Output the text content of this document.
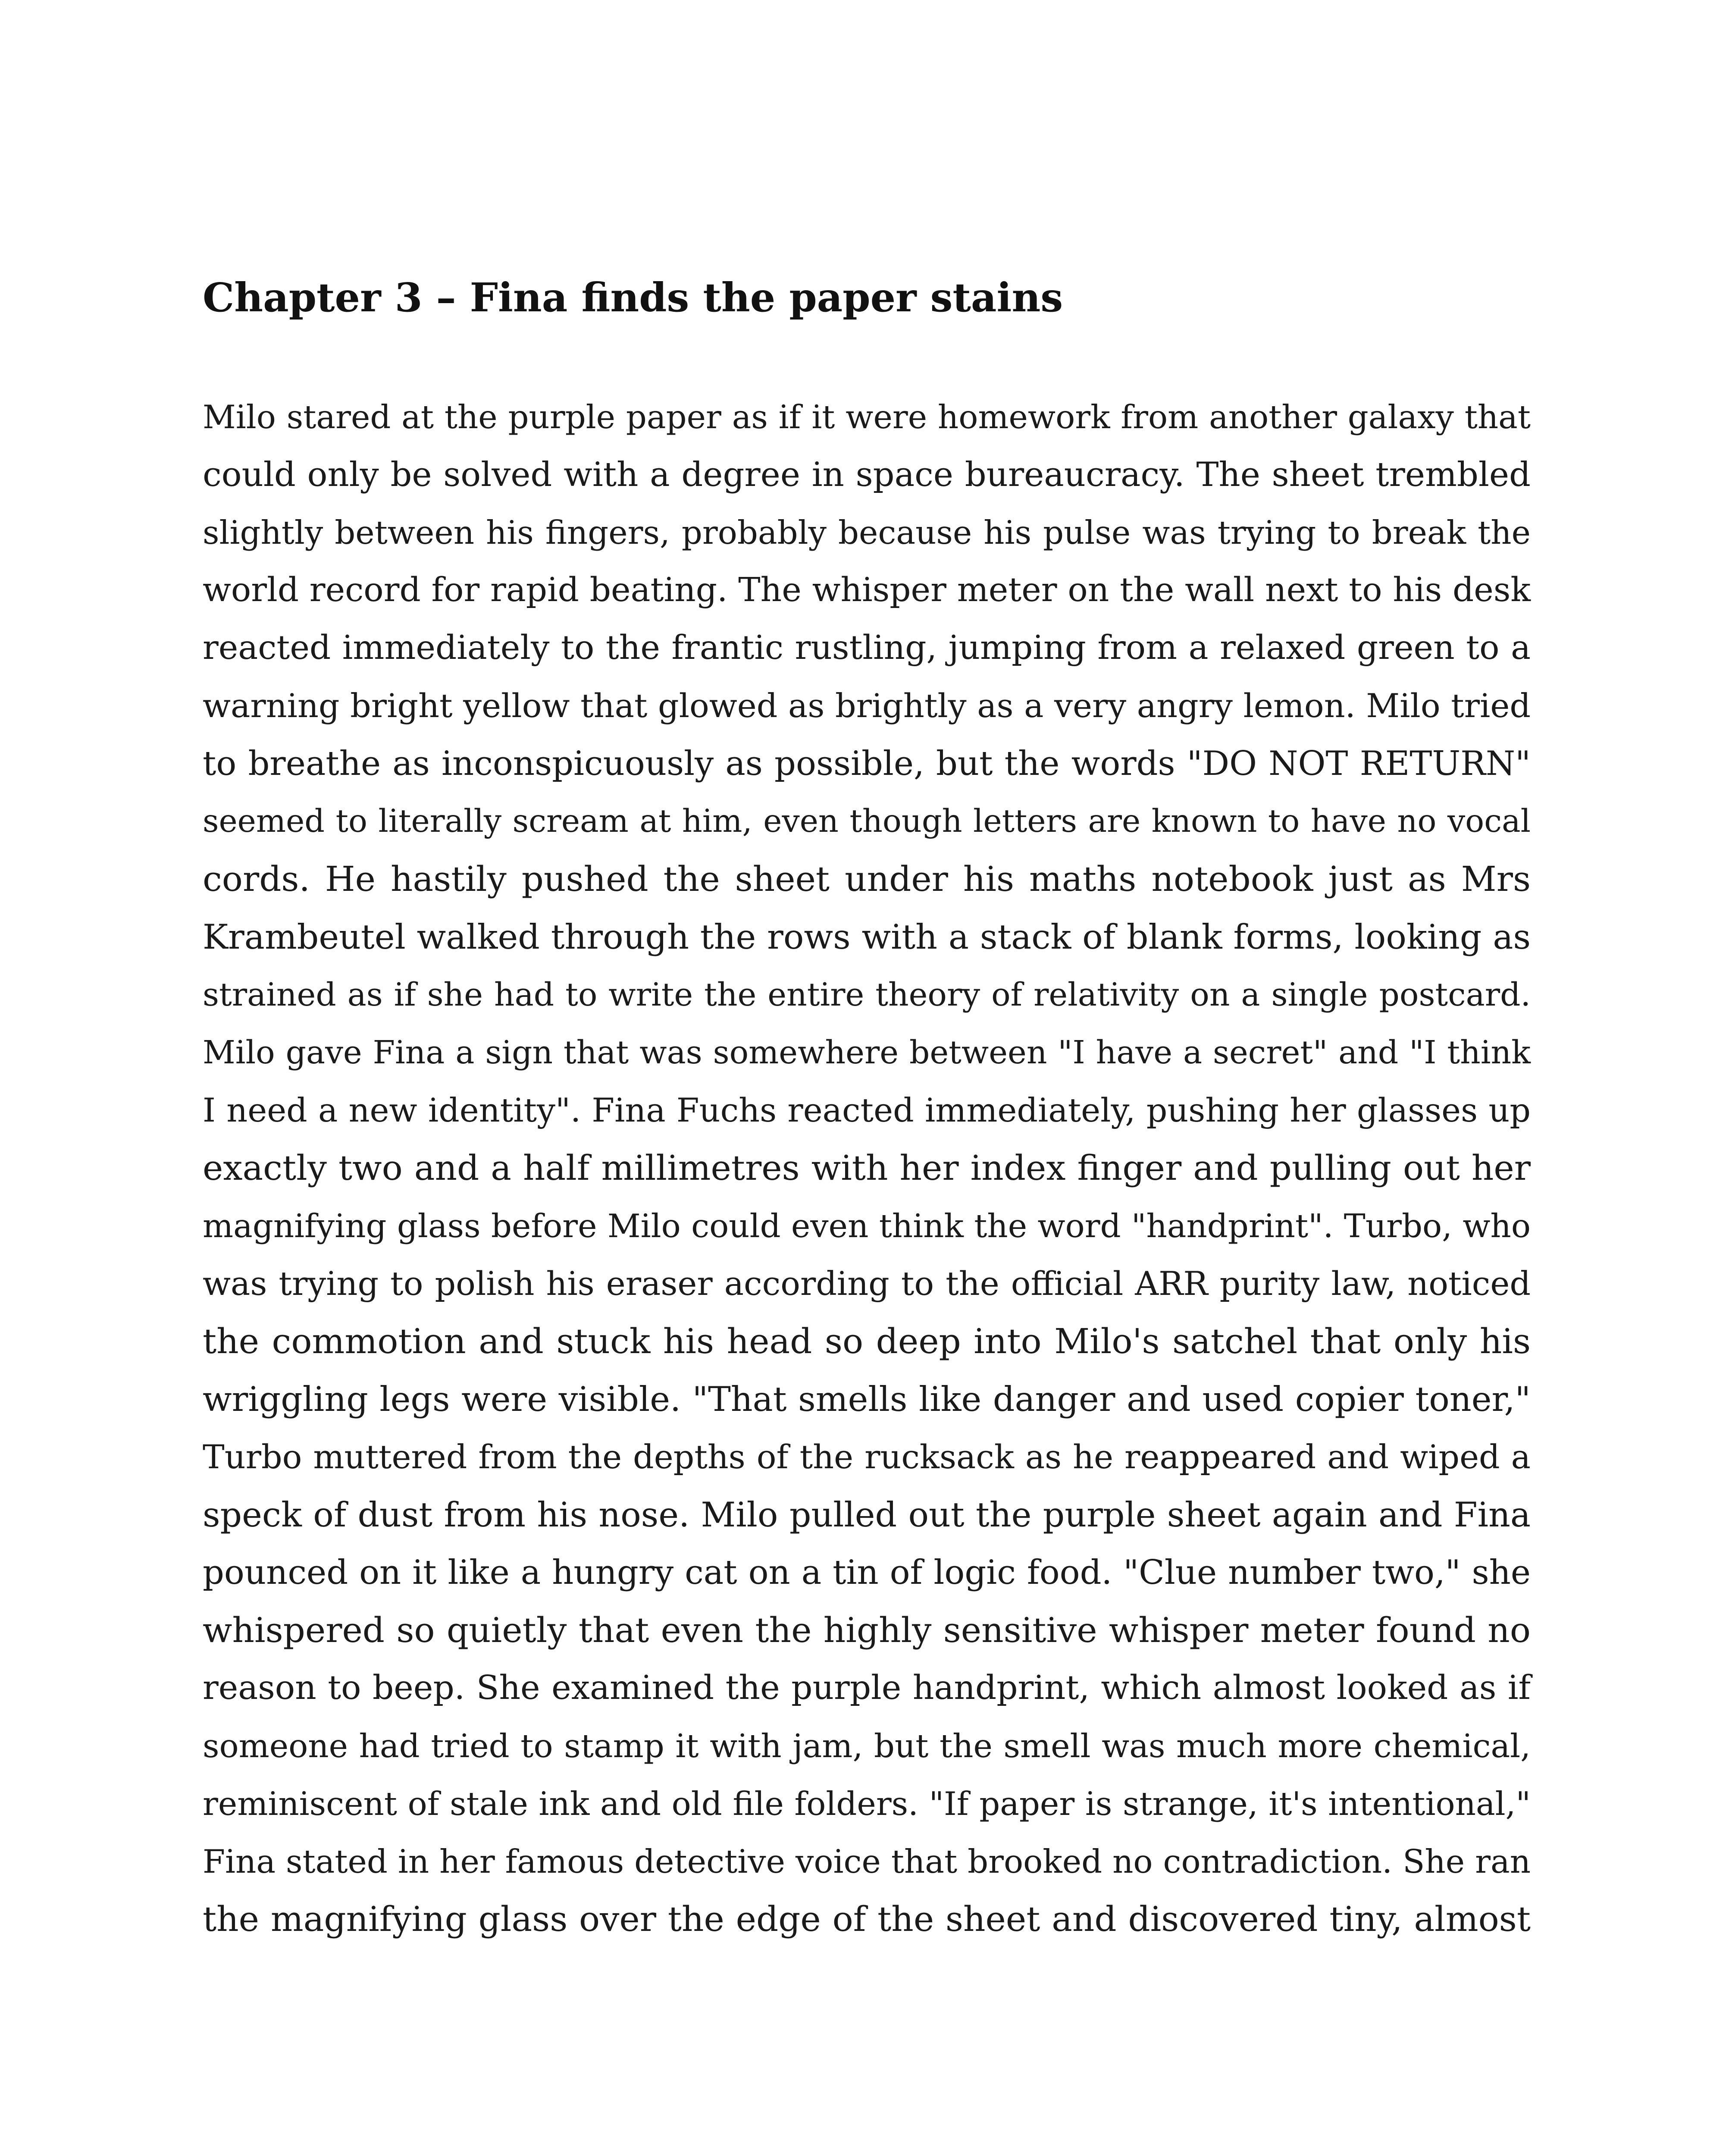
Chapter 3 – Fina finds the paper stains
Milo stared at the purple paper as if it were homework from another galaxy that
could only be solved with a degree in space bureaucracy. The sheet trembled
slightly between his fingers, probably because his pulse was trying to break the
world record for rapid beating. The whisper meter on the wall next to his desk
reacted immediately to the frantic rustling, jumping from a relaxed green to a
warning bright yellow that glowed as brightly as a very angry lemon. Milo tried
to breathe as inconspicuously as possible, but the words "DO NOT RETURN"
seemed to literally scream at him, even though letters are known to have no vocal
cords. He hastily pushed the sheet under his maths notebook just as Mrs
Krambeutel walked through the rows with a stack of blank forms, looking as
strained as if she had to write the entire theory of relativity on a single postcard.
Milo gave Fina a sign that was somewhere between "I have a secret" and "I think
I need a new identity". Fina Fuchs reacted immediately, pushing her glasses up
exactly two and a half millimetres with her index finger and pulling out her
magnifying glass before Milo could even think the word "handprint". Turbo, who
was trying to polish his eraser according to the official ARR purity law, noticed
the commotion and stuck his head so deep into Milo's satchel that only his
wriggling legs were visible. "That smells like danger and used copier toner,"
Turbo muttered from the depths of the rucksack as he reappeared and wiped a
speck of dust from his nose. Milo pulled out the purple sheet again and Fina
pounced on it like a hungry cat on a tin of logic food. "Clue number two," she
whispered so quietly that even the highly sensitive whisper meter found no
reason to beep. She examined the purple handprint, which almost looked as if
someone had tried to stamp it with jam, but the smell was much more chemical,
reminiscent of stale ink and old file folders. "If paper is strange, it's intentional,"
Fina stated in her famous detective voice that brooked no contradiction. She ran
the magnifying glass over the edge of the sheet and discovered tiny, almost
